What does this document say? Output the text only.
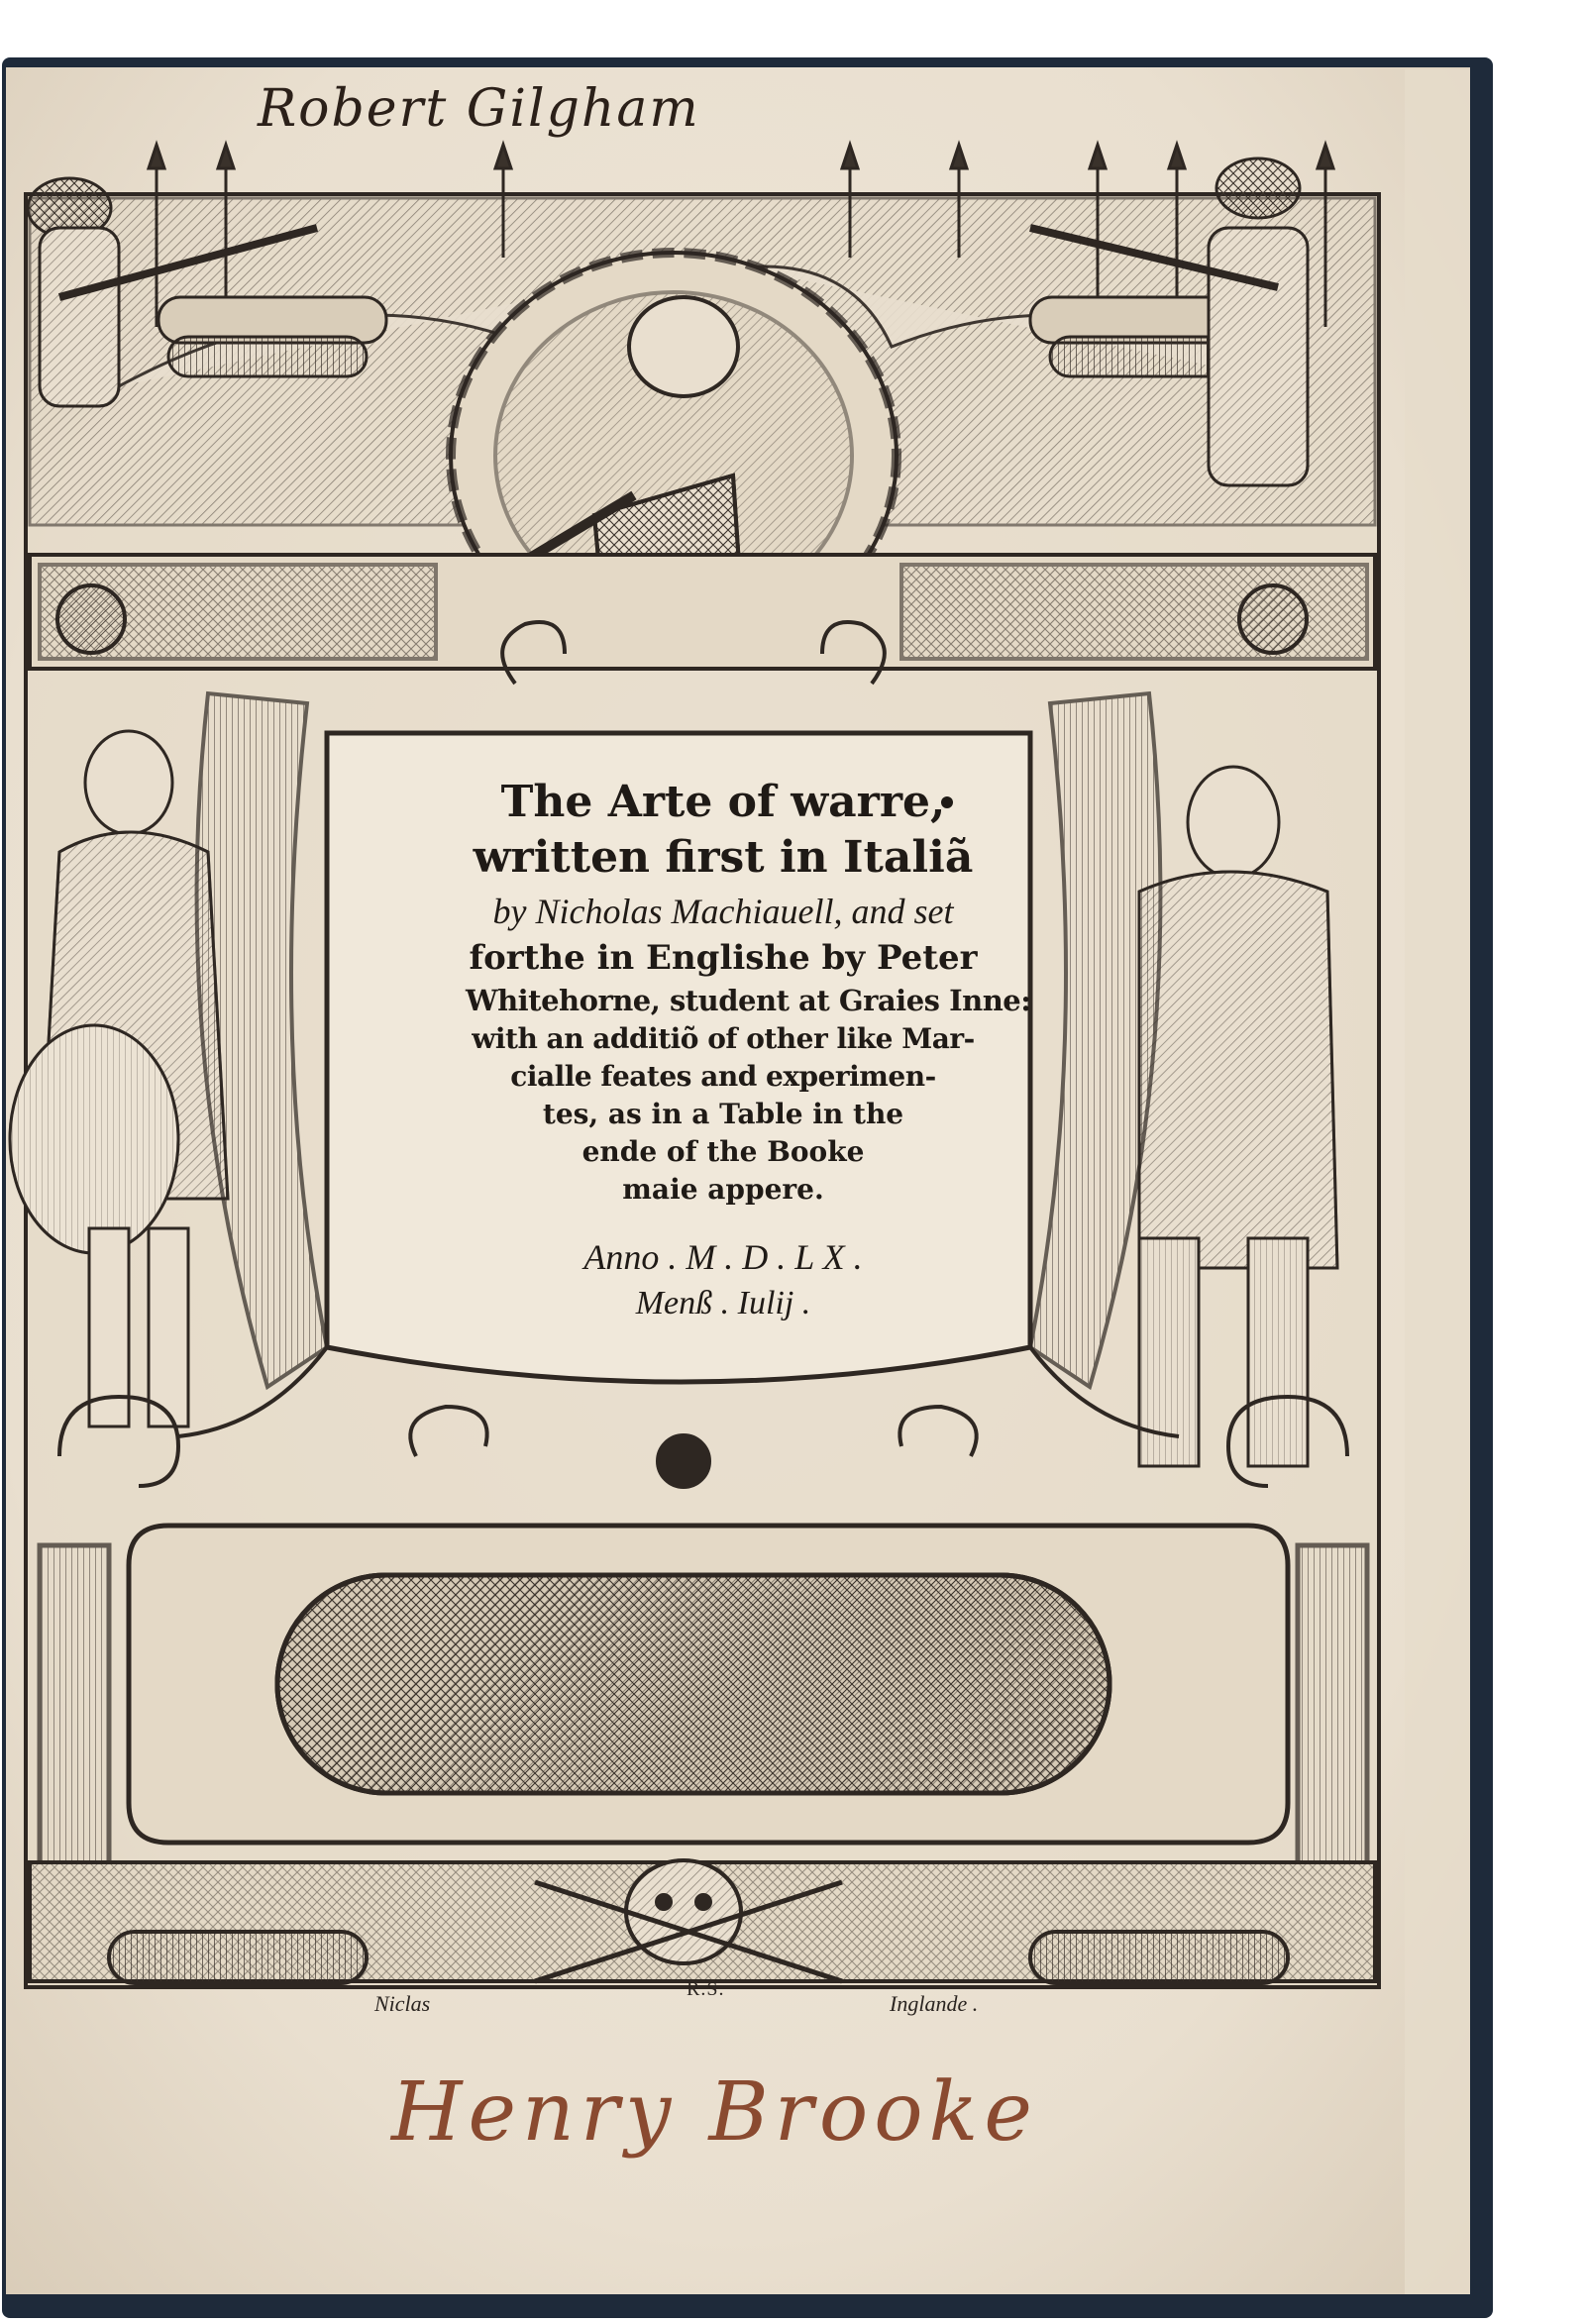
Robert Gilgham
The Arte of warre,
written first in Italiã
by Nicholas Machiauell, and set
forthe in Englishe by Peter
Whitehorne, student at Graies Inne:
with an additiõ of other like Mar-
cialle feates and experimen-
tes, as in a Table in the
ende of the Booke
maie appere.
Anno . M . D . L X .
Menß . Iulij .
Niclas
R.S.
Inglande .
Henry Brooke
